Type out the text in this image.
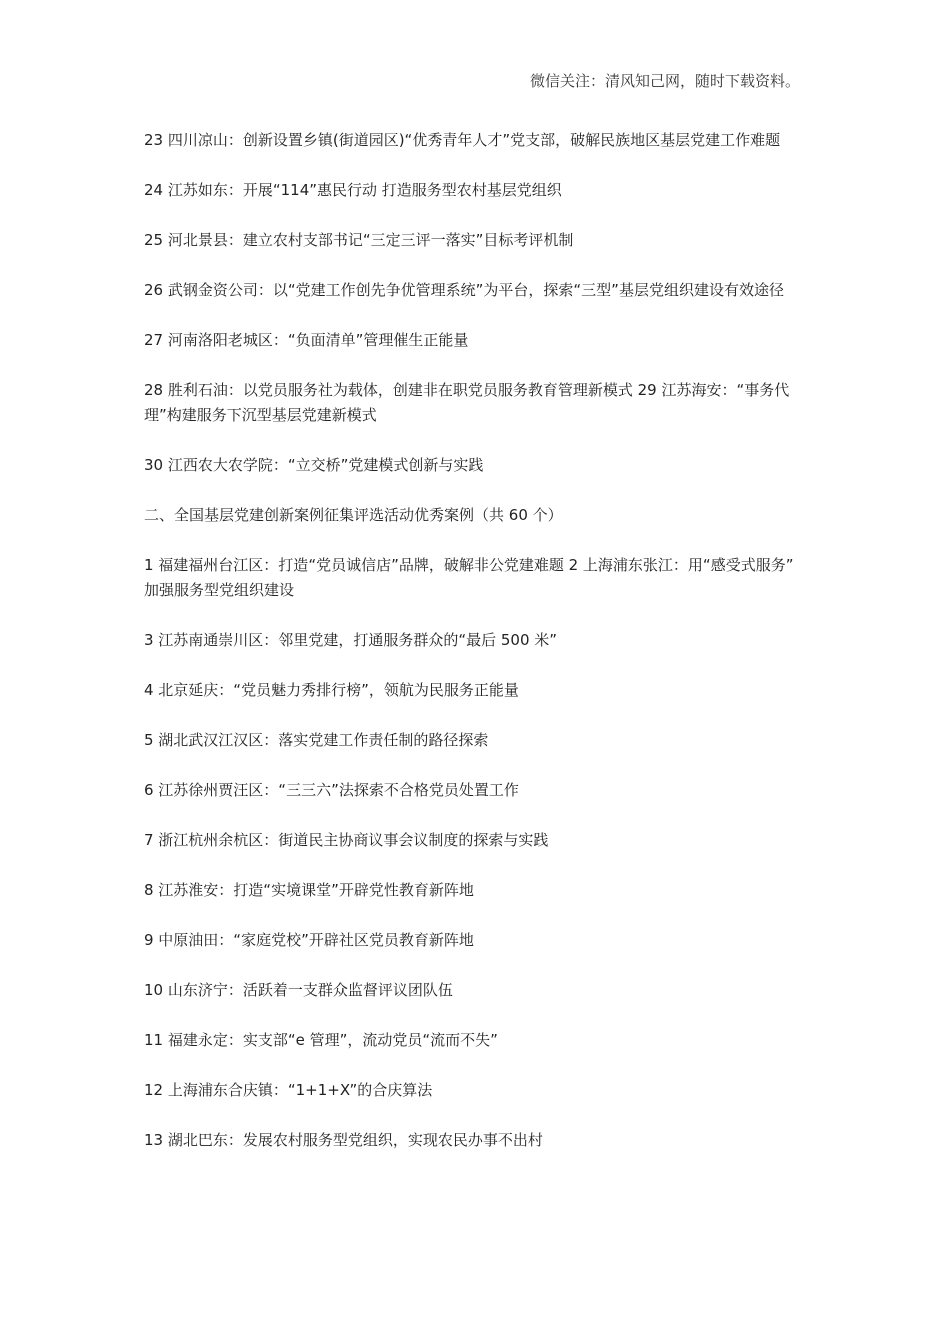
微信关注：清风知己网，随时下载资料。

23 四川凉山：创新设置乡镇(街道园区)“优秀青年人才”党支部，破解民族地区基层党建工作难题

24 江苏如东：开展“114”惠民行动 打造服务型农村基层党组织

25 河北景县：建立农村支部书记“三定三评一落实”目标考评机制

26 武钢金资公司：以“党建工作创先争优管理系统”为平台，探索“三型”基层党组织建设有效途径

27 河南洛阳老城区：“负面清单”管理催生正能量

28 胜利石油：以党员服务社为载体，创建非在职党员服务教育管理新模式 29 江苏海安：“事务代理”构建服务下沉型基层党建新模式

30 江西农大农学院：“立交桥”党建模式创新与实践

二、全国基层党建创新案例征集评选活动优秀案例（共 60 个）

1 福建福州台江区：打造“党员诚信店”品牌，破解非公党建难题 2 上海浦东张江：用“感受式服务” 加强服务型党组织建设

3 江苏南通崇川区：邻里党建，打通服务群众的“最后 500 米”

4 北京延庆：“党员魅力秀排行榜”，领航为民服务正能量

5 湖北武汉江汉区：落实党建工作责任制的路径探索

6 江苏徐州贾汪区：“三三六”法探索不合格党员处置工作

7 浙江杭州余杭区：街道民主协商议事会议制度的探索与实践

8 江苏淮安：打造“实境课堂”开辟党性教育新阵地

9 中原油田：“家庭党校”开辟社区党员教育新阵地

10 山东济宁：活跃着一支群众监督评议团队伍

11 福建永定：实支部“e 管理”，流动党员“流而不失”

12 上海浦东合庆镇：“1+1+X”的合庆算法

13 湖北巴东：发展农村服务型党组织，实现农民办事不出村
